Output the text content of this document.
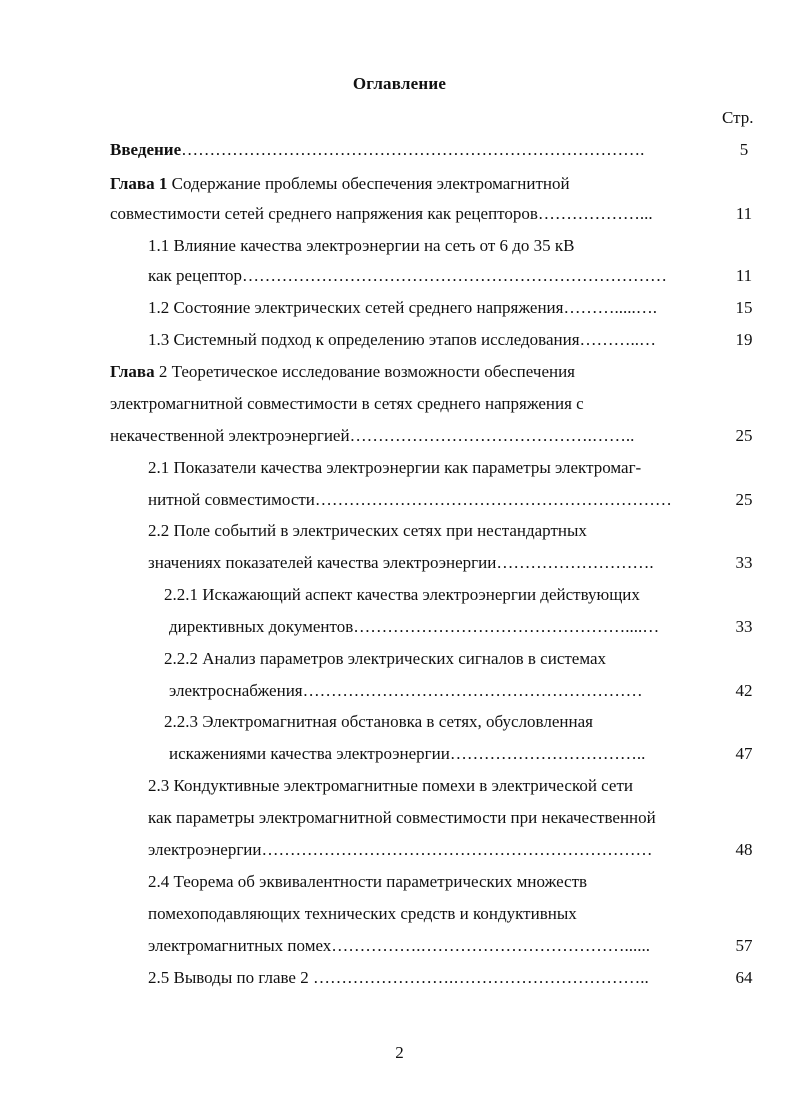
Оглавление
Стр.
Введение……………………………………………………………………….	5
Глава 1 Содержание проблемы обеспечения электромагнитной
совместимости сетей среднего напряжения как рецепторов………………...	11
1.1 Влияние качества электроэнергии на сеть от 6 до 35 кВ
как рецептор…………………………………………………………………	11
1.2 Состояние электрических сетей среднего напряжения……….....….	15
1.3 Системный подход к определению этапов исследования………..…	19
Глава 2 Теоретическое исследование возможности обеспечения
электромагнитной совместимости в сетях среднего напряжения с
некачественной электроэнергией…………………………………….……..	25
2.1 Показатели качества электроэнергии как параметры электромаг-
нитной совместимости………………………………………………………	25
2.2 Поле событий в электрических сетях при нестандартных
значениях показателей качества электроэнергии……………………….	33
2.2.1 Искажающий аспект качества электроэнергии действующих
директивных документов…………………………………………....…	33
2.2.2 Анализ параметров электрических сигналов в системах
электроснабжения……………………………………………………	42
2.2.3 Электромагнитная обстановка в сетях, обусловленная
искажениями качества электроэнергии……………………………..	47
2.3 Кондуктивные электромагнитные помехи в электрической сети
как параметры электромагнитной совместимости при некачественной
электроэнергии……………………………………………………………	48
2.4 Теорема об эквивалентности параметрических множеств
помехоподавляющих технических средств и кондуктивных
электромагнитных помех…………….………………………………......	57
2.5 Выводы по главе 2 …………………….……………………………..	64
2
